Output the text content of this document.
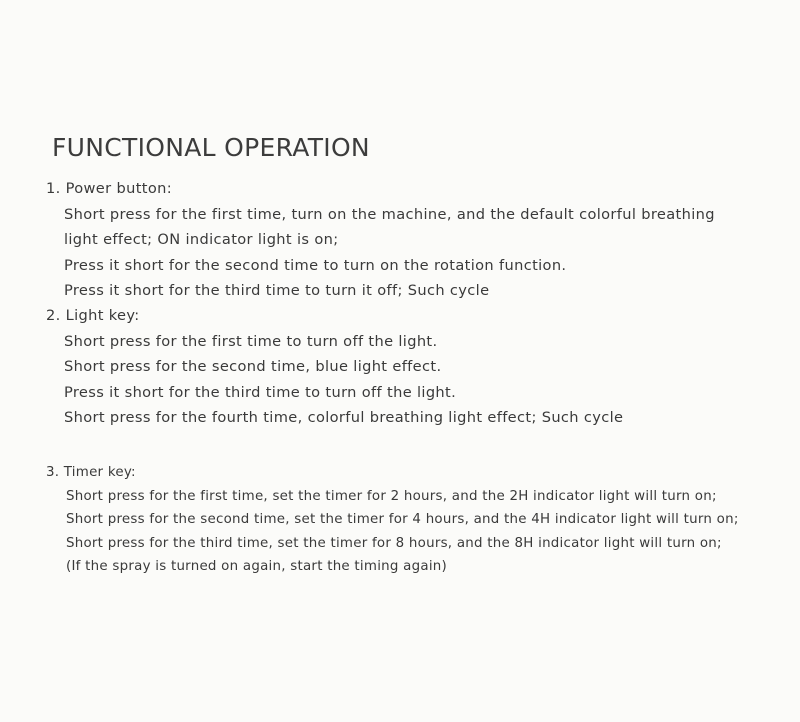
FUNCTIONAL OPERATION
1. Power button:
Short press for the first time, turn on the machine, and the default colorful breathing
light effect; ON indicator light is on;
Press it short for the second time to turn on the rotation function.
Press it short for the third time to turn it off; Such cycle
2. Light key:
Short press for the first time to turn off the light.
Short press for the second time, blue light effect.
Press it short for the third time to turn off the light.
Short press for the fourth time, colorful breathing light effect; Such cycle
3. Timer key:
Short press for the first time, set the timer for 2 hours, and the 2H indicator light will turn on;
Short press for the second time, set the timer for 4 hours, and the 4H indicator light will turn on;
Short press for the third time, set the timer for 8 hours, and the 8H indicator light will turn on;
(If the spray is turned on again, start the timing again)
